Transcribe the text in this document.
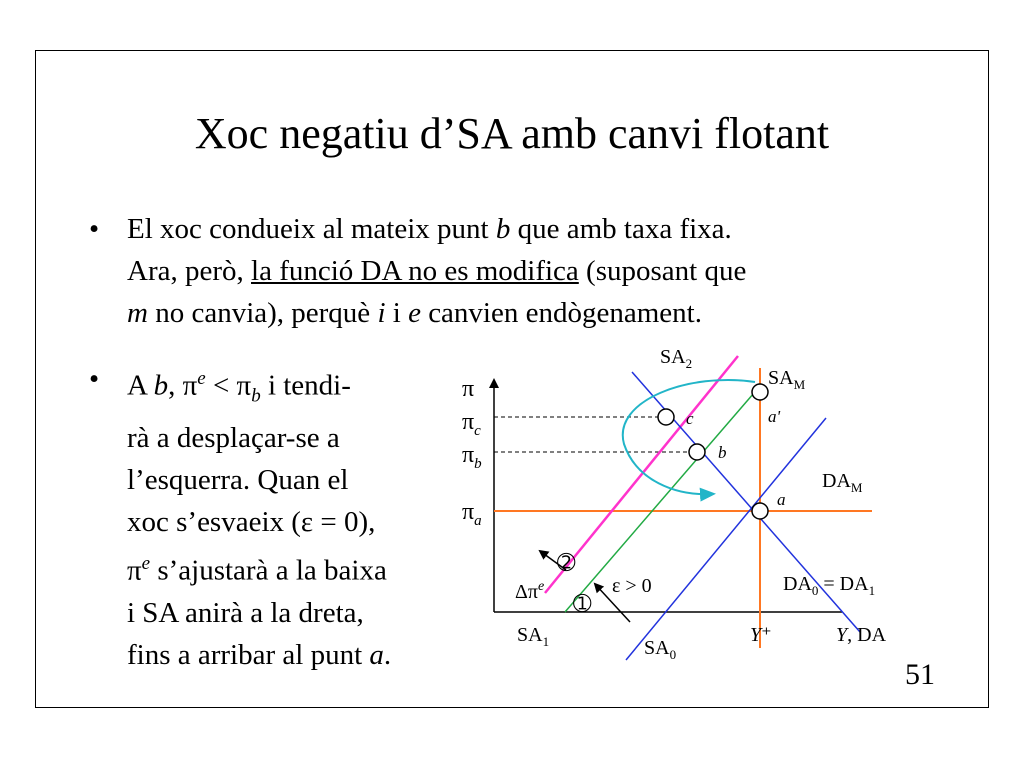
Xoc negatiu d’SA amb canvi flotant
• El xoc condueix al mateix punt b que amb taxa fixa.
Ara, però, la funció DA no es modifica (suposant que
m no canvia), perquè i i e canvien endògenament.
• A b, $\pi^e < \pi_b$ i tendi-
rà a desplaçar-se a
l’esquerra. Quan el
xoc s’esvaeix (ε = 0),
$\pi^e$ s’ajustarà a la baixa
i SA anirà a la dreta,
fins a arribar al punt a.
π
$\pi_c$
$\pi_b$
$\pi_a$
$SA_2$
$SA_M$
$DA_M$
$DA_0 = DA_1$
$SA_1$	$SA_0$
c
b
a'
a
Y⁺	Y, DA
➁
➀
ε > 0
$\Delta\pi^e$
51
